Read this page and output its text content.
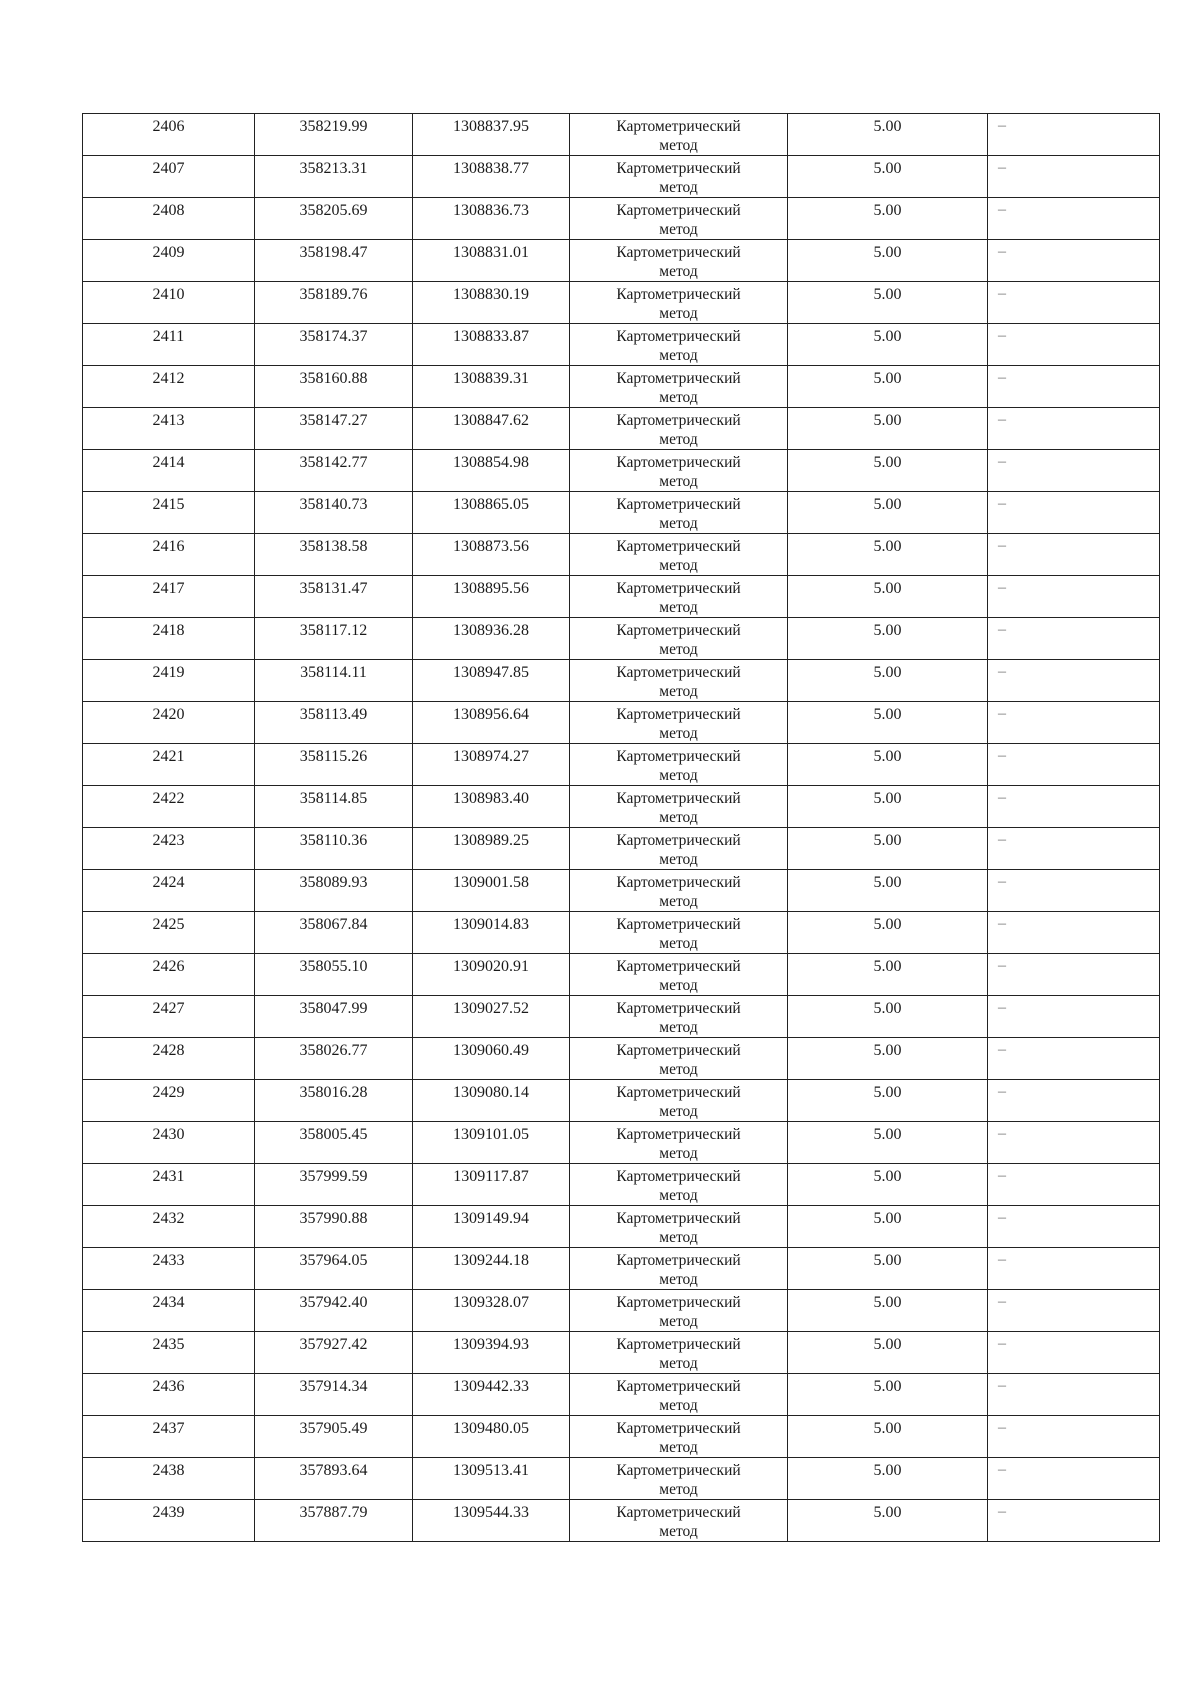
2406	358219.99	1308837.95	Картометрический
метод	5.00	–

2407	358213.31	1308838.77	Картометрический
метод	5.00	–

2408	358205.69	1308836.73	Картометрический
метод	5.00	–

2409	358198.47	1308831.01	Картометрический
метод	5.00	–

2410	358189.76	1308830.19	Картометрический
метод	5.00	–

2411	358174.37	1308833.87	Картометрический
метод	5.00	–

2412	358160.88	1308839.31	Картометрический
метод	5.00	–

2413	358147.27	1308847.62	Картометрический
метод	5.00	–

2414	358142.77	1308854.98	Картометрический
метод	5.00	–

2415	358140.73	1308865.05	Картометрический
метод	5.00	–

2416	358138.58	1308873.56	Картометрический
метод	5.00	–

2417	358131.47	1308895.56	Картометрический
метод	5.00	–

2418	358117.12	1308936.28	Картометрический
метод	5.00	–

2419	358114.11	1308947.85	Картометрический
метод	5.00	–

2420	358113.49	1308956.64	Картометрический
метод	5.00	–

2421	358115.26	1308974.27	Картометрический
метод	5.00	–

2422	358114.85	1308983.40	Картометрический
метод	5.00	–

2423	358110.36	1308989.25	Картометрический
метод	5.00	–

2424	358089.93	1309001.58	Картометрический
метод	5.00	–

2425	358067.84	1309014.83	Картометрический
метод	5.00	–

2426	358055.10	1309020.91	Картометрический
метод	5.00	–

2427	358047.99	1309027.52	Картометрический
метод	5.00	–

2428	358026.77	1309060.49	Картометрический
метод	5.00	–

2429	358016.28	1309080.14	Картометрический
метод	5.00	–

2430	358005.45	1309101.05	Картометрический
метод	5.00	–

2431	357999.59	1309117.87	Картометрический
метод	5.00	–

2432	357990.88	1309149.94	Картометрический
метод	5.00	–

2433	357964.05	1309244.18	Картометрический
метод	5.00	–

2434	357942.40	1309328.07	Картометрический
метод	5.00	–

2435	357927.42	1309394.93	Картометрический
метод	5.00	–

2436	357914.34	1309442.33	Картометрический
метод	5.00	–

2437	357905.49	1309480.05	Картометрический
метод	5.00	–

2438	357893.64	1309513.41	Картометрический
метод	5.00	–

2439	357887.79	1309544.33	Картометрический
метод	5.00	–
